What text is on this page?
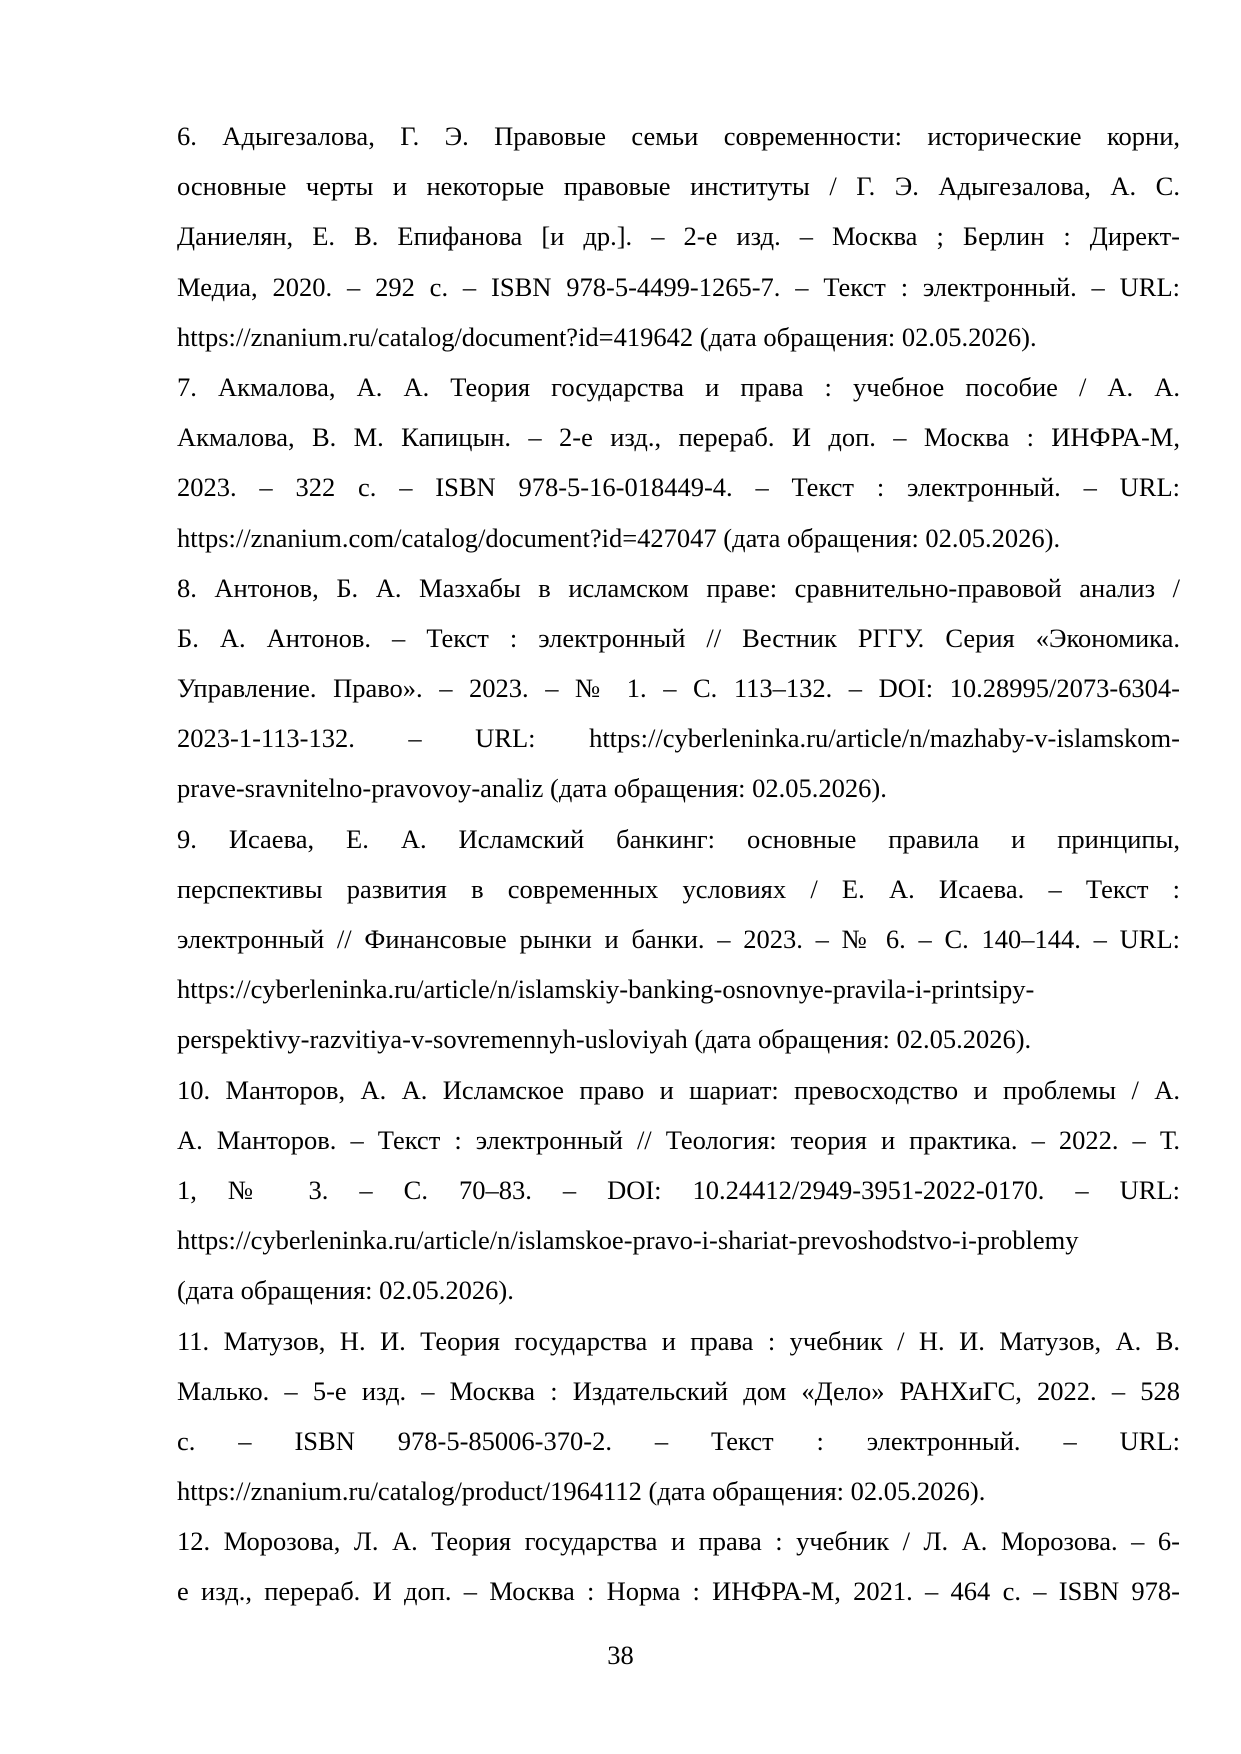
6. Адыгезалова, Г. Э. Правовые семьи современности: исторические корни,
основные черты и некоторые правовые институты / Г. Э. Адыгезалова, А. С.
Даниелян, Е. В. Епифанова [и др.]. – 2-е изд. – Москва ; Берлин : Директ-
Медиа, 2020. – 292 с. – ISBN 978-5-4499-1265-7. – Текст : электронный. – URL:
https://znanium.ru/catalog/document?id=419642 (дата обращения: 02.05.2026).
7. Акмалова, А. А. Теория государства и права : учебное пособие / А. А.
Акмалова, В. М. Капицын. – 2-е изд., перераб. И доп. – Москва : ИНФРА-М,
2023. – 322 с. – ISBN 978-5-16-018449-4. – Текст : электронный. – URL:
https://znanium.com/catalog/document?id=427047 (дата обращения: 02.05.2026).
8. Антонов, Б. А. Мазхабы в исламском праве: сравнительно-правовой анализ /
Б. А. Антонов. – Текст : электронный // Вестник РГГУ. Серия «Экономика.
Управление. Право». – 2023. – № 1. – С. 113–132. – DOI: 10.28995/2073-6304-
2023-1-113-132. – URL: https://cyberleninka.ru/article/n/mazhaby-v-islamskom-
prave-sravnitelno-pravovoy-analiz (дата обращения: 02.05.2026).
9. Исаева, Е. А. Исламский банкинг: основные правила и принципы,
перспективы развития в современных условиях / Е. А. Исаева. – Текст :
электронный // Финансовые рынки и банки. – 2023. – № 6. – С. 140–144. – URL:
https://cyberleninka.ru/article/n/islamskiy-banking-osnovnye-pravila-i-printsipy-
perspektivy-razvitiya-v-sovremennyh-usloviyah (дата обращения: 02.05.2026).
10. Манторов, А. А. Исламское право и шариат: превосходство и проблемы / А.
А. Манторов. – Текст : электронный // Теология: теория и практика. – 2022. – Т.
1, № 3. – С. 70–83. – DOI: 10.24412/2949-3951-2022-0170. – URL:
https://cyberleninka.ru/article/n/islamskoe-pravo-i-shariat-prevoshodstvo-i-problemy
(дата обращения: 02.05.2026).
11. Матузов, Н. И. Теория государства и права : учебник / Н. И. Матузов, А. В.
Малько. – 5-е изд. – Москва : Издательский дом «Дело» РАНХиГС, 2022. – 528
с. – ISBN 978-5-85006-370-2. – Текст : электронный. – URL:
https://znanium.ru/catalog/product/1964112 (дата обращения: 02.05.2026).
12. Морозова, Л. А. Теория государства и права : учебник / Л. А. Морозова. – 6-
е изд., перераб. И доп. – Москва : Норма : ИНФРА-М, 2021. – 464 с. – ISBN 978-
38
